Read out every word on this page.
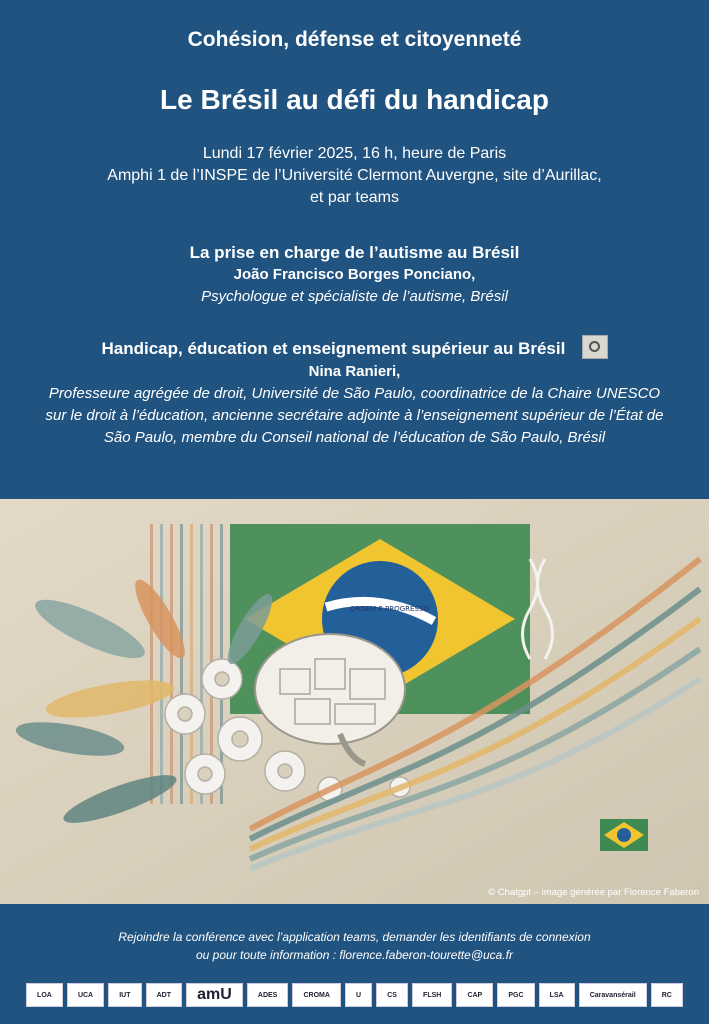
Cohésion, défense et citoyenneté
Le Brésil au défi du handicap
Lundi 17 février 2025, 16 h, heure de Paris
Amphi 1 de l’INSPE de l’Université Clermont Auvergne, site d’Aurillac,
et par teams
La prise en charge de l’autisme au Brésil
João Francisco Borges Ponciano,
Psychologue et spécialiste de l’autisme, Brésil
Handicap, éducation et enseignement supérieur au Brésil
Nina Ranieri,
Professeure agrégée de droit, Université de São Paulo, coordinatrice de la Chaire UNESCO sur le droit à l’éducation, ancienne secrétaire adjointe à l’enseignement supérieur de l’État de São Paulo, membre du Conseil national de l’éducation de São Paulo, Brésil
ORDEM E PROGRESSO
© Chatgpt – image générée par Florence Faberon
Rejoindre la conférence avec l’application teams, demander les identifiants de connexion
ou pour toute information : florence.faberon-tourette@uca.fr
LOA	UCA	IUT	ADT	amU	ADES	CROMA	U	CS	FLSH	CAP	PGC	LSA	Caravansérail	RC
